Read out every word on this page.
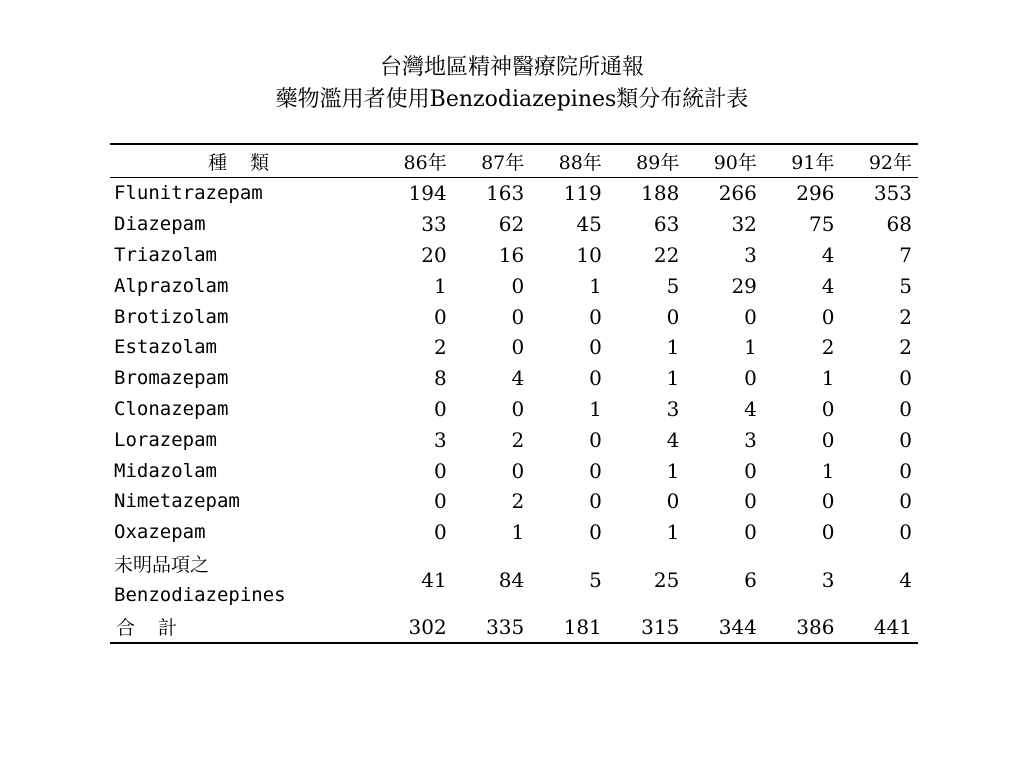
台灣地區精神醫療院所通報
藥物濫用者使用Benzodiazepines類分布統計表
種　類	86年	87年	88年	89年	90年	91年	92年
Flunitrazepam	194	163	119	188	266	296	353
Diazepam	33	62	45	63	32	75	68
Triazolam	20	16	10	22	3	4	7
Alprazolam	1	0	1	5	29	4	5
Brotizolam	0	0	0	0	0	0	2
Estazolam	2	0	0	1	1	2	2
Bromazepam	8	4	0	1	0	1	0
Clonazepam	0	0	1	3	4	0	0
Lorazepam	3	2	0	4	3	0	0
Midazolam	0	0	0	1	0	1	0
Nimetazepam	0	2	0	0	0	0	0
Oxazepam	0	1	0	1	0	0	0

未明品項之
Benzodiazepines	41	84	5	25	6	3	4
合　計	302	335	181	315	344	386	441
